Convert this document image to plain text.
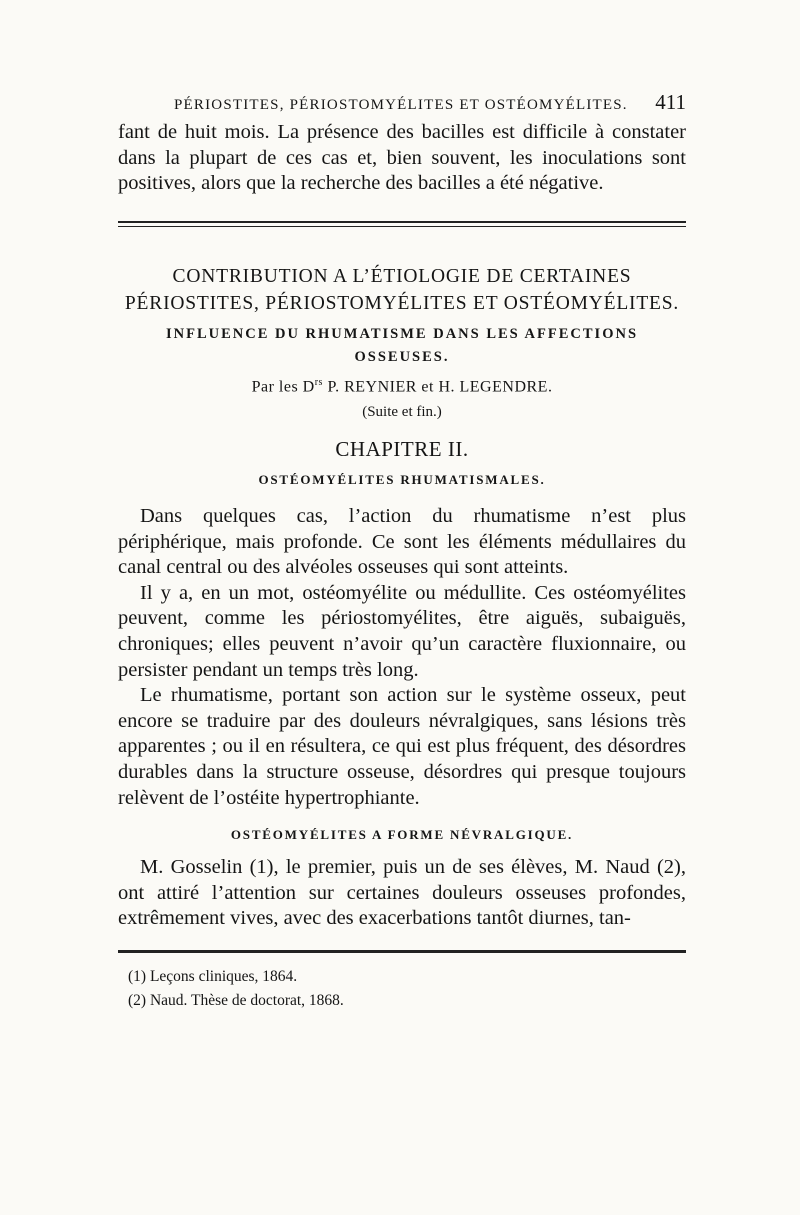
PÉRIOSTITES, PÉRIOSTOMYÉLITES ET OSTÉOMYÉLITES. 411

fant de huit mois. La présence des bacilles est difficile à constater dans la plupart de ces cas et, bien souvent, les inoculations sont positives, alors que la recherche des bacilles a été négative.

CONTRIBUTION A L’ÉTIOLOGIE DE CERTAINES PÉRIOSTITES, PÉRIOSTOMYÉLITES ET OSTÉOMYÉLITES.
INFLUENCE DU RHUMATISME DANS LES AFFECTIONS OSSEUSES.
Par les $D^{rs}$ P. REYNIER et H. LEGENDRE.
(Suite et fin.)
CHAPITRE II.
OSTÉOMYÉLITES RHUMATISMALES.

Dans quelques cas, l’action du rhumatisme n’est plus périphérique, mais profonde. Ce sont les éléments médullaires du canal central ou des alvéoles osseuses qui sont atteints.

Il y a, en un mot, ostéomyélite ou médullite. Ces ostéomyélites peuvent, comme les périostomyélites, être aiguës, subaiguës, chroniques; elles peuvent n’avoir qu’un caractère fluxionnaire, ou persister pendant un temps très long.

Le rhumatisme, portant son action sur le système osseux, peut encore se traduire par des douleurs névralgiques, sans lésions très apparentes ; ou il en résultera, ce qui est plus fréquent, des désordres durables dans la structure osseuse, désordres qui presque toujours relèvent de l’ostéite hypertrophiante.

OSTÉOMYÉLITES A FORME NÉVRALGIQUE.

M. Gosselin (1), le premier, puis un de ses élèves, M. Naud (2), ont attiré l’attention sur certaines douleurs osseuses profondes, extrêmement vives, avec des exacerbations tantôt diurnes, tan-

(1) Leçons cliniques, 1864.

(2) Naud. Thèse de doctorat, 1868.
